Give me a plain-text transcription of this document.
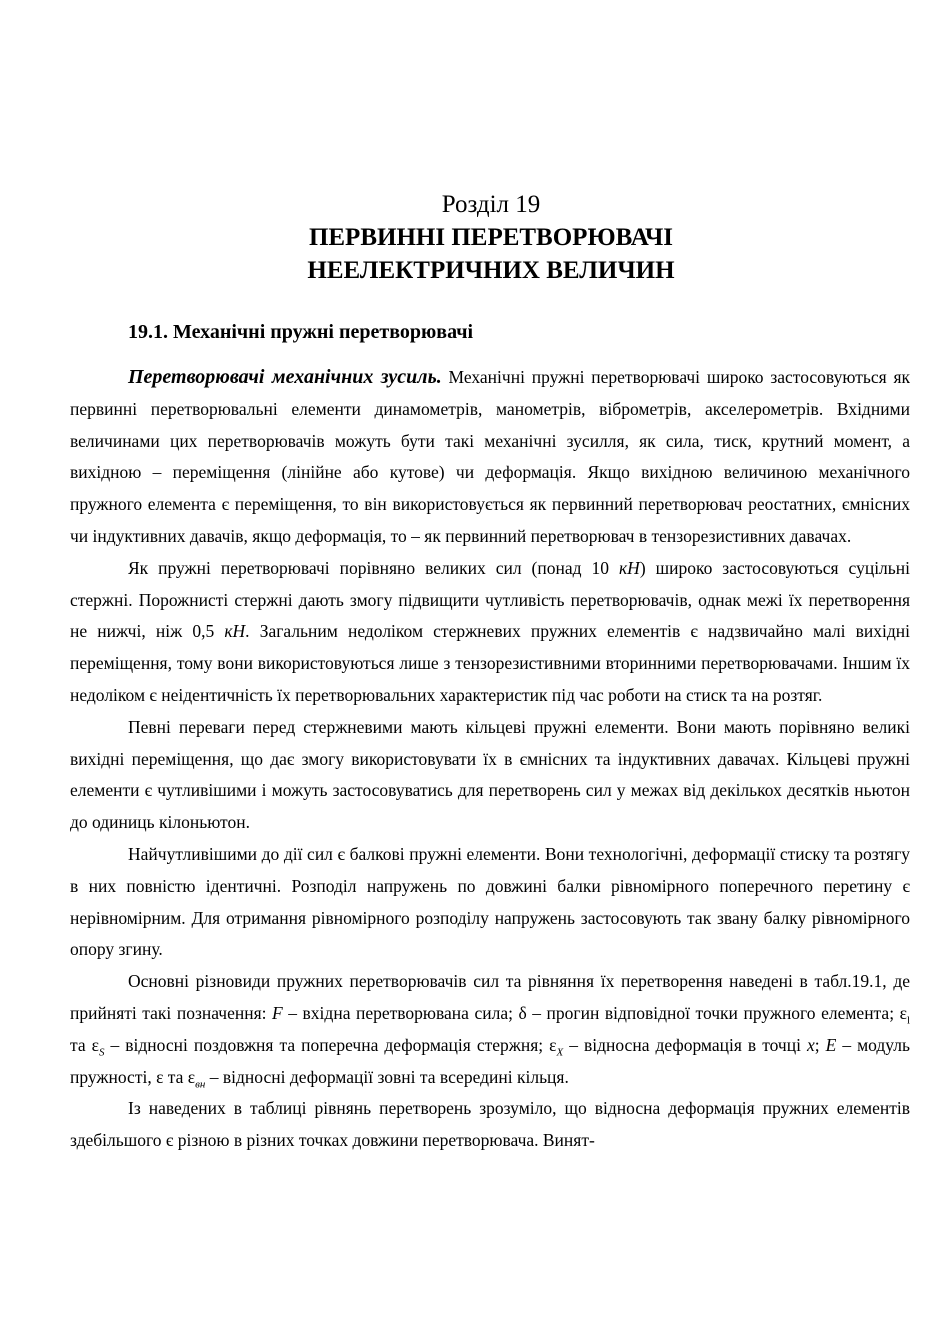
Розділ 19
ПЕРВИННІ ПЕРЕТВОРЮВАЧІ
НЕЕЛЕКТРИЧНИХ ВЕЛИЧИН
19.1. Механічні пружні перетворювачі

Перетворювачі механічних зусиль. Механічні пружні перетворювачі широко застосовуються як первинні перетворювальні елементи динамометрів, манометрів, віброметрів, акселерометрів. Вхідними величинами цих перетворювачів можуть бути такі механічні зусилля, як сила, тиск, крутний момент, а вихідною – переміщення (лінійне або кутове) чи деформація. Якщо вихідною величиною механічного пружного елемента є переміщення, то він використовується як первинний перетворювач реостатних, ємнісних чи індуктивних давачів, якщо деформація, то – як первинний перетворювач в тензорезистивних давачах.

Як пружні перетворювачі порівняно великих сил (понад 10 кН) широко застосовуються суцільні стержні. Порожнисті стержні дають змогу підвищити чутливість перетворювачів, однак межі їх перетворення не нижчі, ніж 0,5 кН. Загальним недоліком стержневих пружних елементів є надзвичайно малі вихідні переміщення, тому вони використовуються лише з тензорезистивними вторинними перетворювачами. Іншим їх недоліком є неідентичність їх перетворювальних характеристик під час роботи на стиск та на розтяг.

Певні переваги перед стержневими мають кільцеві пружні елементи. Вони мають порівняно великі вихідні переміщення, що дає змогу використовувати їх в ємнісних та індуктивних давачах. Кільцеві пружні елементи є чутливішими і можуть застосовуватись для перетворень сил у межах від декількох десятків ньютон до одиниць кілоньютон.

Найчутливішими до дії сил є балкові пружні елементи. Вони технологічні, деформації стиску та розтягу в них повністю ідентичні. Розподіл напружень по довжині балки рівномірного поперечного перетину є нерівномірним. Для отримання рівномірного розподілу напружень застосовують так звану балку рівномірного опору згину.

Основні різновиди пружних перетворювачів сил та рівняння їх перетворення наведені в табл.19.1, де прийняті такі позначення: F – вхідна перетворювана сила; δ – прогин відповідної точки пружного елемента; $\varepsilon_l$ та $\varepsilon_S$ – відносні поздовжня та поперечна деформація стержня; $\varepsilon_X$ – відносна деформація в точці x; E – модуль пружності, ε та $\varepsilon_{вн}$ – відносні деформації зовні та всередині кільця.

Із наведених в таблиці рівнянь перетворень зрозуміло, що відносна деформація пружних елементів здебільшого є різною в різних точках довжини перетворювача. Винят-
